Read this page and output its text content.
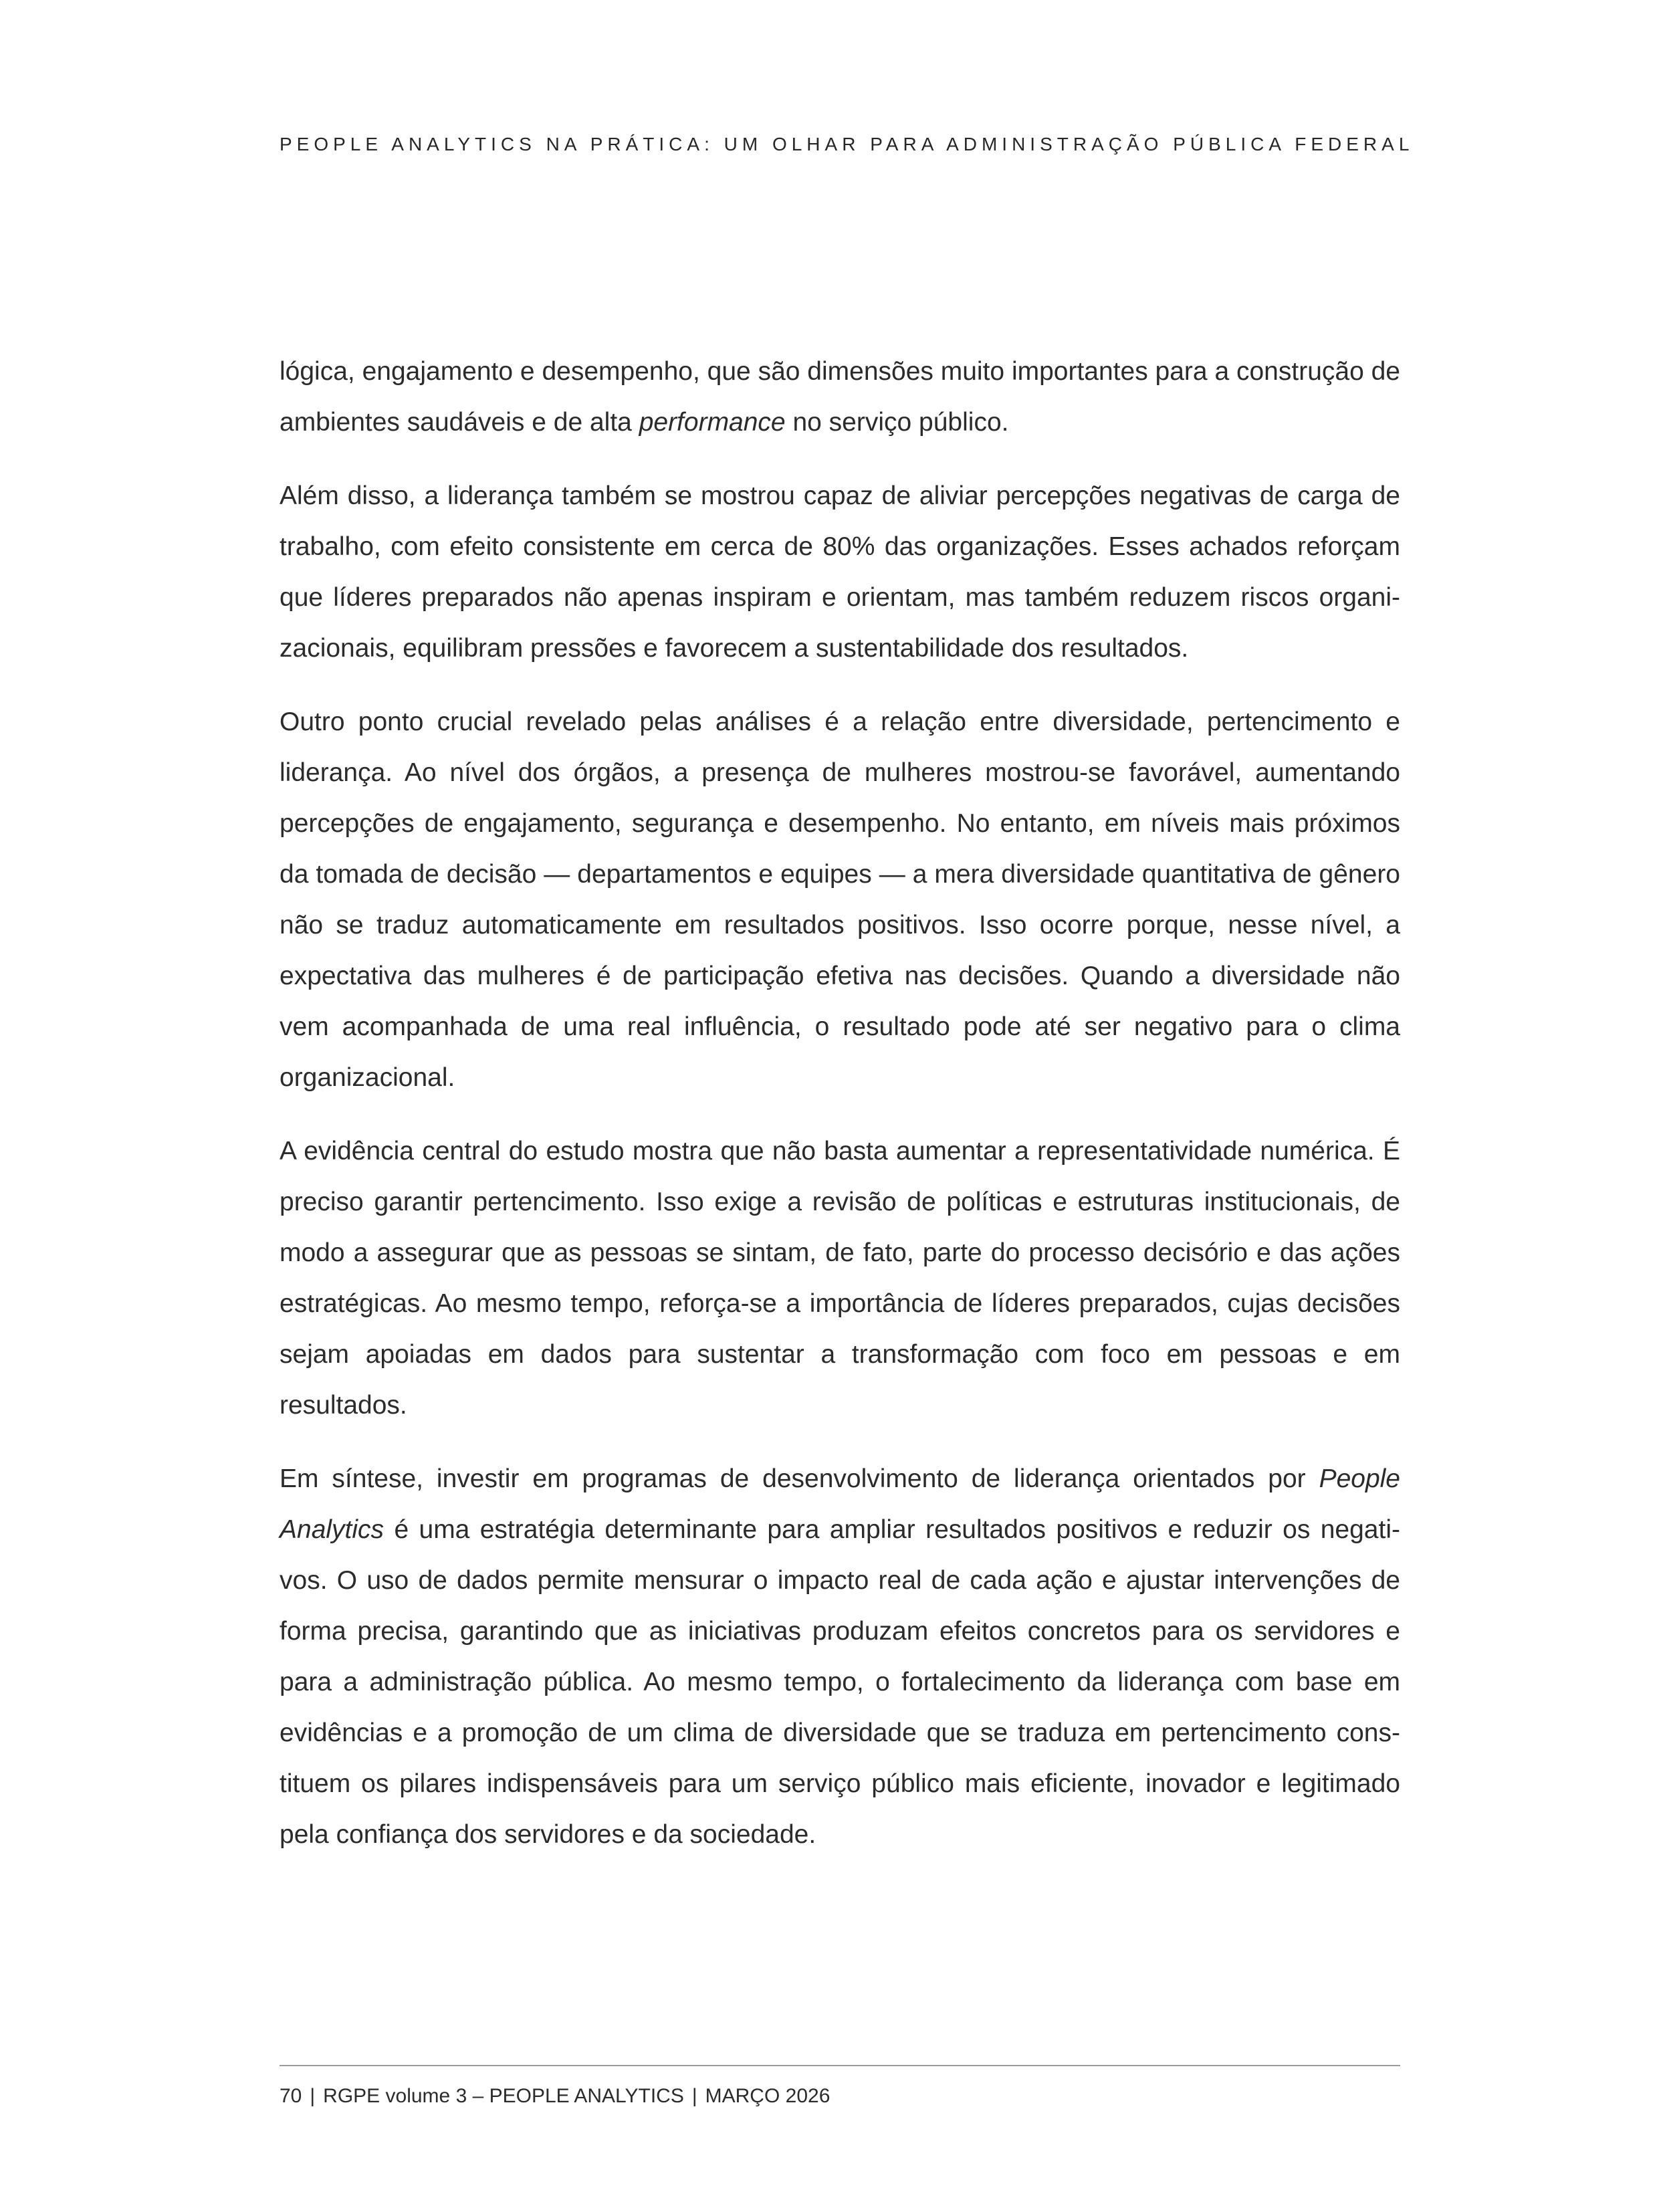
PEOPLE ANALYTICS NA PRÁTICA: UM OLHAR PARA ADMINISTRAÇÃO PÚBLICA FEDERAL

lógica, engajamento e desempenho, que são dimensões muito importantes para a construção de ambientes saudáveis e de alta performance no serviço público.

Além disso, a liderança também se mostrou capaz de aliviar percepções negativas de carga de trabalho, com efeito consistente em cerca de 80% das organizações. Esses achados reforçam que líderes preparados não apenas inspiram e orientam, mas também reduzem riscos organizacionais, equilibram pressões e favorecem a sustentabilidade dos resultados.

Outro ponto crucial revelado pelas análises é a relação entre diversidade, pertencimento e liderança. Ao nível dos órgãos, a presença de mulheres mostrou-se favorável, aumentando percepções de engajamento, segurança e desempenho. No entanto, em níveis mais próximos da tomada de decisão — departamentos e equipes — a mera diversidade quantitativa de gênero não se traduz automaticamente em resultados positivos. Isso ocorre porque, nesse nível, a expectativa das mulheres é de participação efetiva nas decisões. Quando a diversidade não vem acompanhada de uma real influência, o resultado pode até ser negativo para o clima organizacional.

A evidência central do estudo mostra que não basta aumentar a representatividade numérica. É preciso garantir pertencimento. Isso exige a revisão de políticas e estruturas institucionais, de modo a assegurar que as pessoas se sintam, de fato, parte do processo decisório e das ações estratégicas. Ao mesmo tempo, reforça-se a importância de líderes preparados, cujas decisões sejam apoiadas em dados para sustentar a transformação com foco em pessoas e em resultados.

Em síntese, investir em programas de desenvolvimento de liderança orientados por People Analytics é uma estratégia determinante para ampliar resultados positivos e reduzir os negativos. O uso de dados permite mensurar o impacto real de cada ação e ajustar intervenções de forma precisa, garantindo que as iniciativas produzam efeitos concretos para os servidores e para a administração pública. Ao mesmo tempo, o fortalecimento da liderança com base em evidências e a promoção de um clima de diversidade que se traduza em pertencimento constituem os pilares indispensáveis para um serviço público mais eficiente, inovador e legitimado pela confiança dos servidores e da sociedade.

70 | RGPE volume 3 – PEOPLE ANALYTICS | MARÇO 2026
